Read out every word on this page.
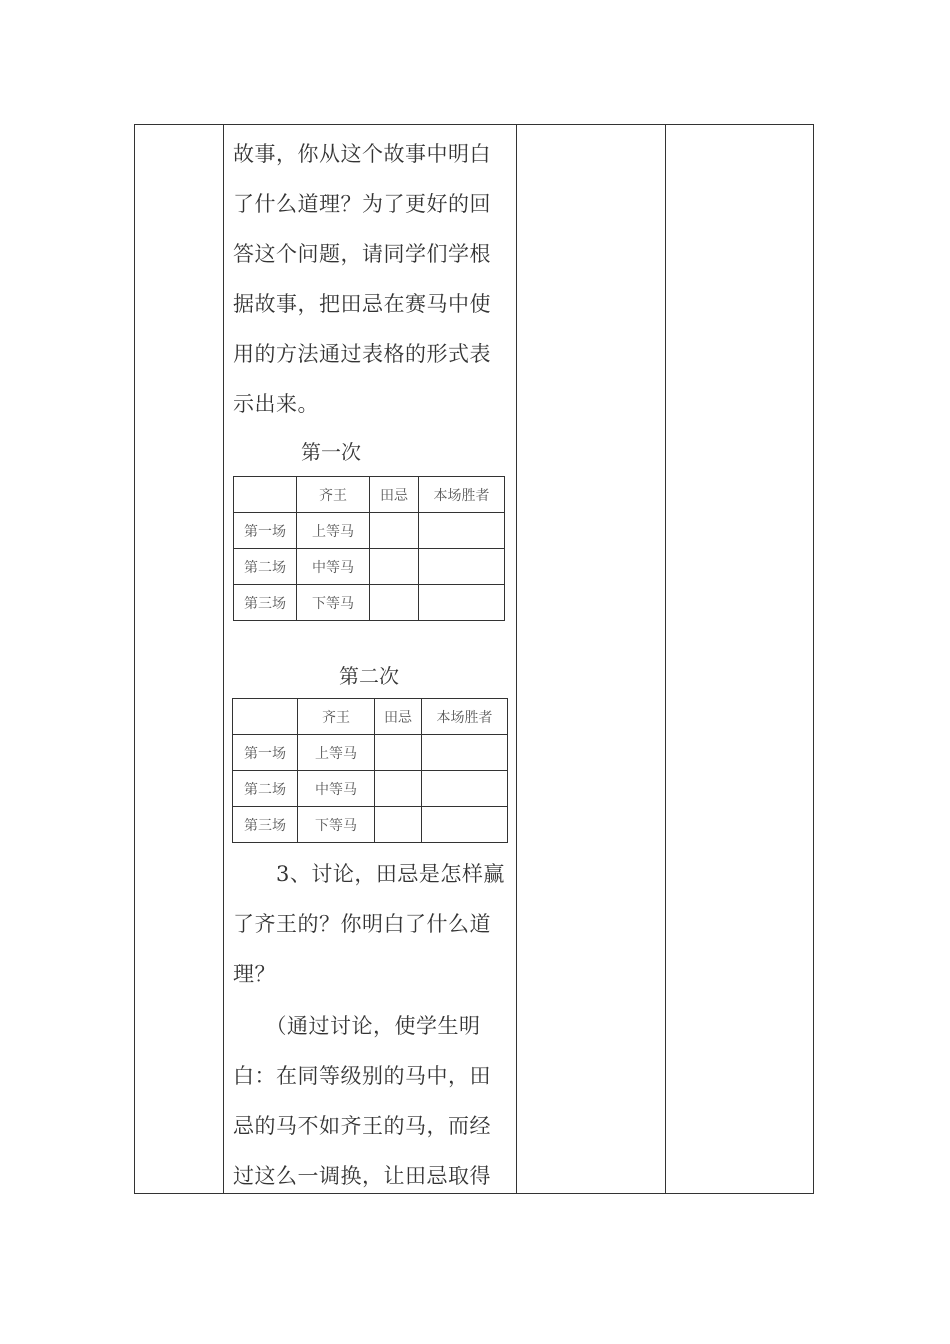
故事，你从这个故事中明白
了什么道理？为了更好的回
答这个问题，请同学们学根
据故事，把田忌在赛马中使
用的方法通过表格的形式表
示出来。
第一次
	齐王	田忌	本场胜者
第一场	上等马		
第二场	中等马		
第三场	下等马		
第二次
	齐王	田忌	本场胜者
第一场	上等马		
第二场	中等马		
第三场	下等马		
　　3、讨论，田忌是怎样赢
了齐王的？你明白了什么道
理？
　　（通过讨论，使学生明
白：在同等级别的马中，田
忌的马不如齐王的马，而经
过这么一调换，让田忌取得
